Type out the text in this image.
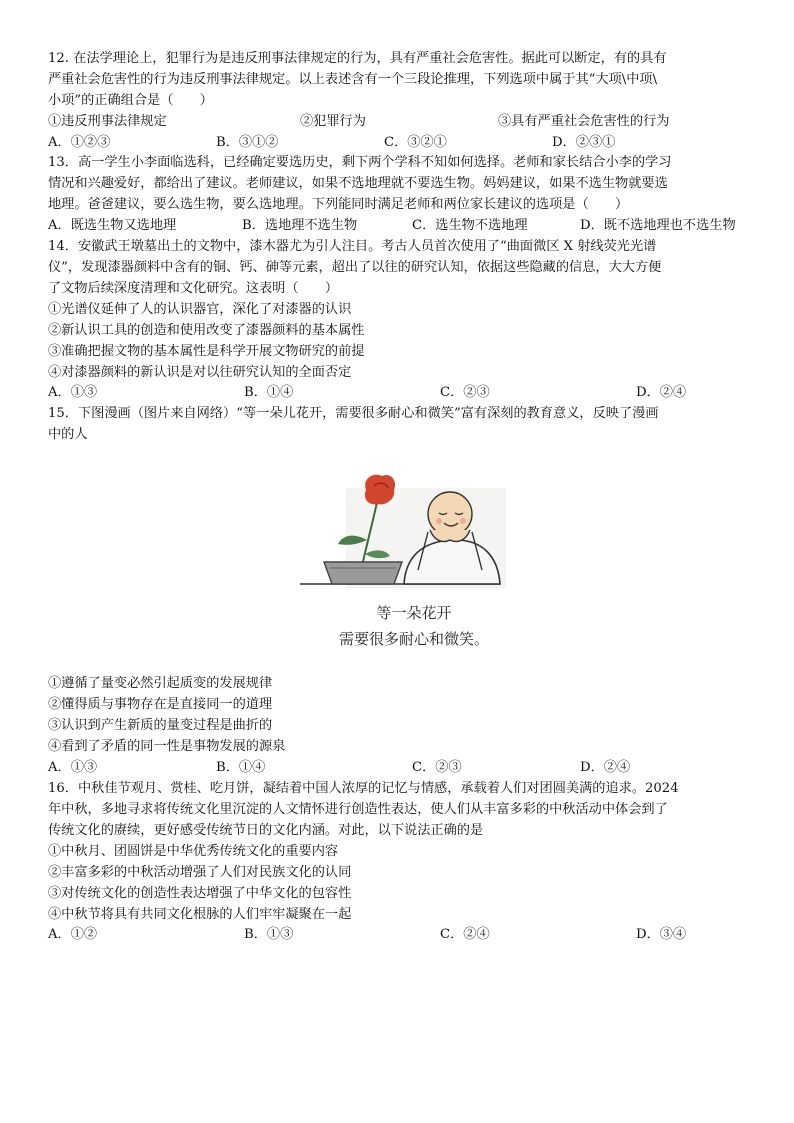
12. 在法学理论上，犯罪行为是违反刑事法律规定的行为，具有严重社会危害性。据此可以断定，有的具有
严重社会危害性的行为违反刑事法律规定。以上表述含有一个三段论推理，下列选项中属于其“大项\中项\
小项”的正确组合是（　　）
①违反刑事法律规定	②犯罪行为	③具有严重社会危害性的行为
A．①②③	B．③①②	C．③②①	D．②③①
13．高一学生小李面临选科，已经确定要选历史，剩下两个学科不知如何选择。老师和家长结合小李的学习
情况和兴趣爱好，都给出了建议。老师建议，如果不选地理就不要选生物。妈妈建议，如果不选生物就要选
地理。爸爸建议，要么选生物，要么选地理。下列能同时满足老师和两位家长建议的选项是（　　）
A．既选生物又选地理	B．选地理不选生物	C．选生物不选地理	D．既不选地理也不选生物
14．安徽武王墩墓出土的文物中，漆木器尤为引人注目。考古人员首次使用了“曲面微区 X 射线荧光光谱
仪”，发现漆器颜料中含有的铜、钙、砷等元素，超出了以往的研究认知，依据这些隐藏的信息，大大方便
了文物后续深度清理和文化研究。这表明（　　）
①光谱仪延伸了人的认识器官，深化了对漆器的认识
②新认识工具的创造和使用改变了漆器颜料的基本属性
③准确把握文物的基本属性是科学开展文物研究的前提
④对漆器颜料的新认识是对以往研究认知的全面否定
A．①③	B．①④	C．②③	D．②④
15．下图漫画（图片来自网络）“等一朵儿花开，需要很多耐心和微笑”富有深刻的教育意义，反映了漫画
中的人
等一朵花开
需要很多耐心和微笑。
①遵循了量变必然引起质变的发展规律
②懂得质与事物存在是直接同一的道理
③认识到产生新质的量变过程是曲折的
④看到了矛盾的同一性是事物发展的源泉
A．①③	B．①④	C．②③	D．②④
16．中秋佳节观月、赏桂、吃月饼，凝结着中国人浓厚的记忆与情感，承载着人们对团圆美满的追求。2024
年中秋，多地寻求将传统文化里沉淀的人文情怀进行创造性表达，使人们从丰富多彩的中秋活动中体会到了
传统文化的赓续，更好感受传统节日的文化内涵。对此，以下说法正确的是
①中秋月、团圆饼是中华优秀传统文化的重要内容
②丰富多彩的中秋活动增强了人们对民族文化的认同
③对传统文化的创造性表达增强了中华文化的包容性
④中秋节将具有共同文化根脉的人们牢牢凝聚在一起
A．①②	B．①③	C．②④	D．③④
